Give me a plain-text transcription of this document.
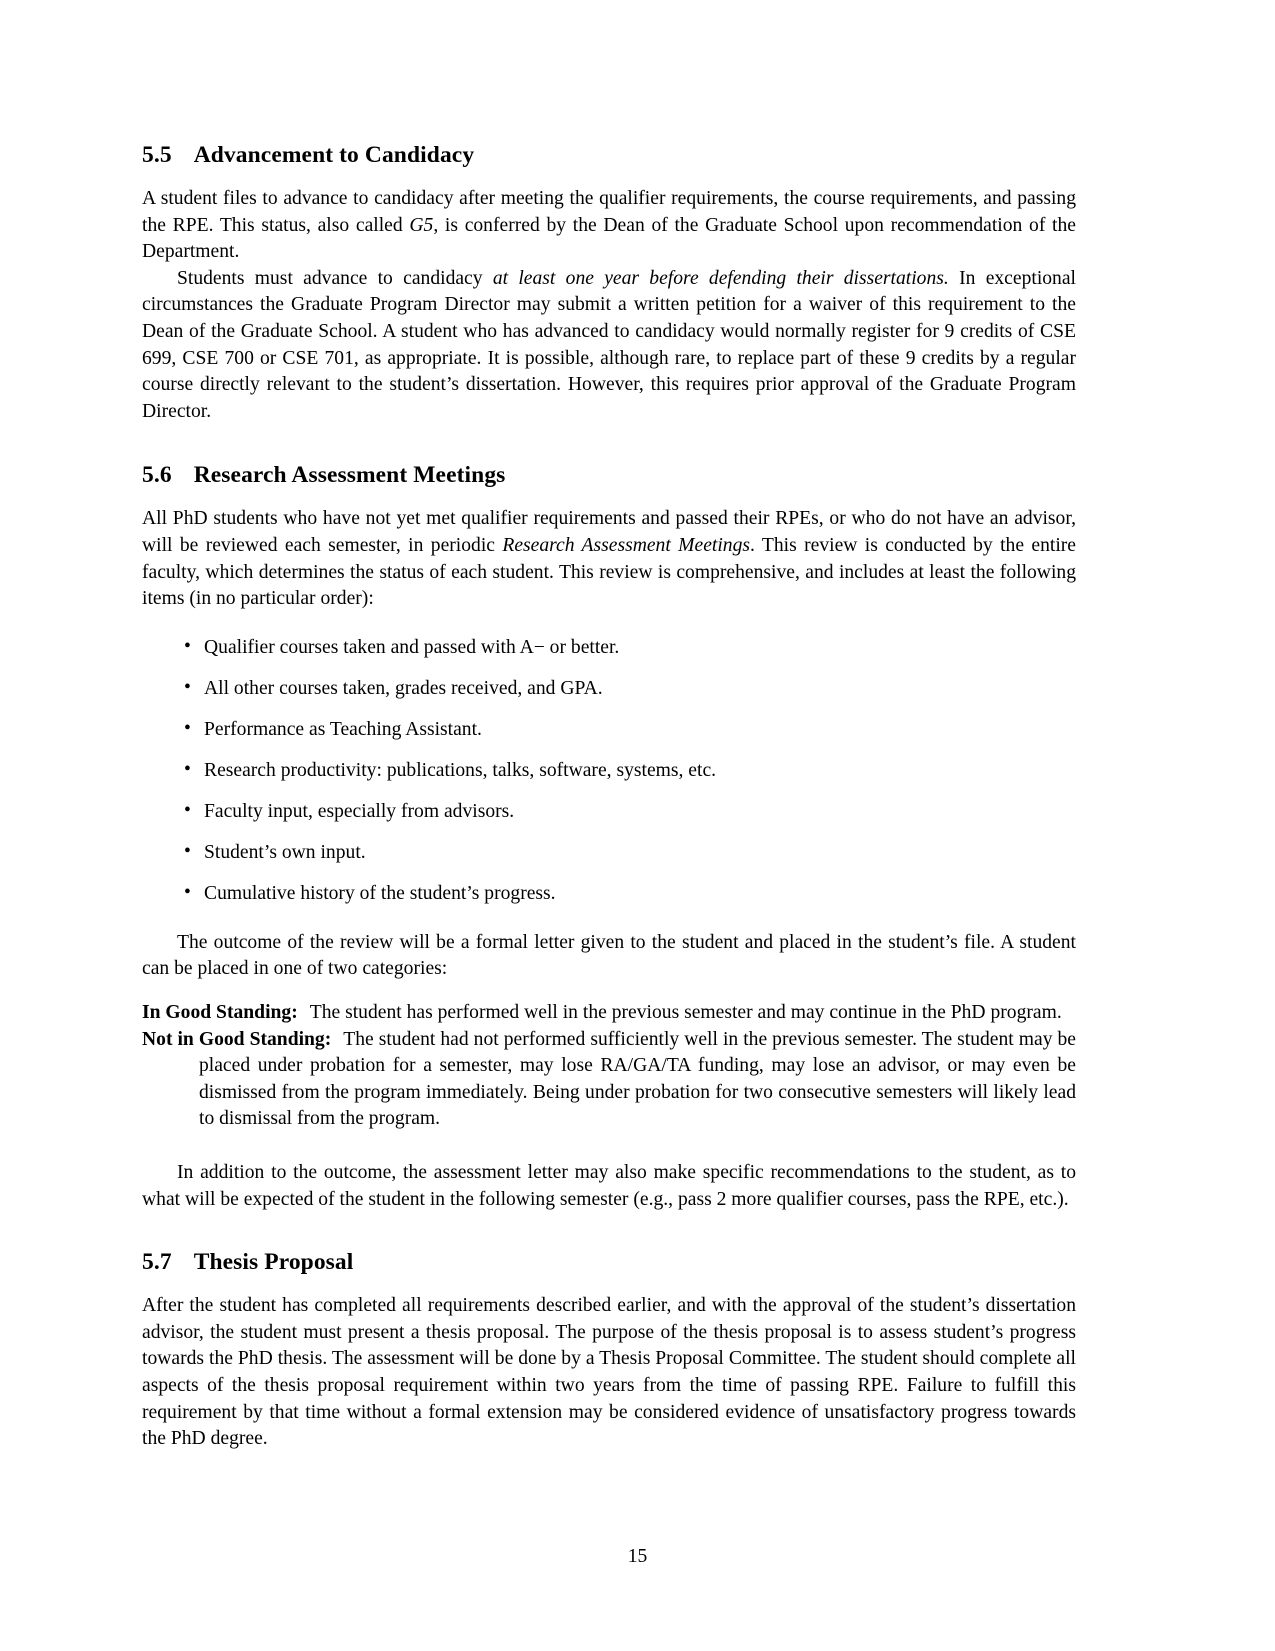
5.5 Advancement to Candidacy

A student files to advance to candidacy after meeting the qualifier requirements, the course requirements, and passing the RPE. This status, also called G5, is conferred by the Dean of the Graduate School upon recommendation of the Department.

Students must advance to candidacy at least one year before defending their dissertations. In exceptional circumstances the Graduate Program Director may submit a written petition for a waiver of this requirement to the Dean of the Graduate School. A student who has advanced to candidacy would normally register for 9 credits of CSE 699, CSE 700 or CSE 701, as appropriate. It is possible, although rare, to replace part of these 9 credits by a regular course directly relevant to the student’s dissertation. However, this requires prior approval of the Graduate Program Director.

5.6 Research Assessment Meetings

All PhD students who have not yet met qualifier requirements and passed their RPEs, or who do not have an advisor, will be reviewed each semester, in periodic Research Assessment Meetings. This review is conducted by the entire faculty, which determines the status of each student. This review is comprehensive, and includes at least the following items (in no particular order):

• Qualifier courses taken and passed with A− or better.
• All other courses taken, grades received, and GPA.
• Performance as Teaching Assistant.
• Research productivity: publications, talks, software, systems, etc.
• Faculty input, especially from advisors.
• Student’s own input.
• Cumulative history of the student’s progress.

The outcome of the review will be a formal letter given to the student and placed in the student’s file. A student can be placed in one of two categories:

In Good Standing: The student has performed well in the previous semester and may continue in the PhD program.
Not in Good Standing: The student had not performed sufficiently well in the previous semester. The student may be placed under probation for a semester, may lose RA/GA/TA funding, may lose an advisor, or may even be dismissed from the program immediately. Being under probation for two consecutive semesters will likely lead to dismissal from the program.

In addition to the outcome, the assessment letter may also make specific recommendations to the student, as to what will be expected of the student in the following semester (e.g., pass 2 more qualifier courses, pass the RPE, etc.).

5.7 Thesis Proposal

After the student has completed all requirements described earlier, and with the approval of the student’s dissertation advisor, the student must present a thesis proposal. The purpose of the thesis proposal is to assess student’s progress towards the PhD thesis. The assessment will be done by a Thesis Proposal Committee. The student should complete all aspects of the thesis proposal requirement within two years from the time of passing RPE. Failure to fulfill this requirement by that time without a formal extension may be considered evidence of unsatisfactory progress towards the PhD degree.

15
